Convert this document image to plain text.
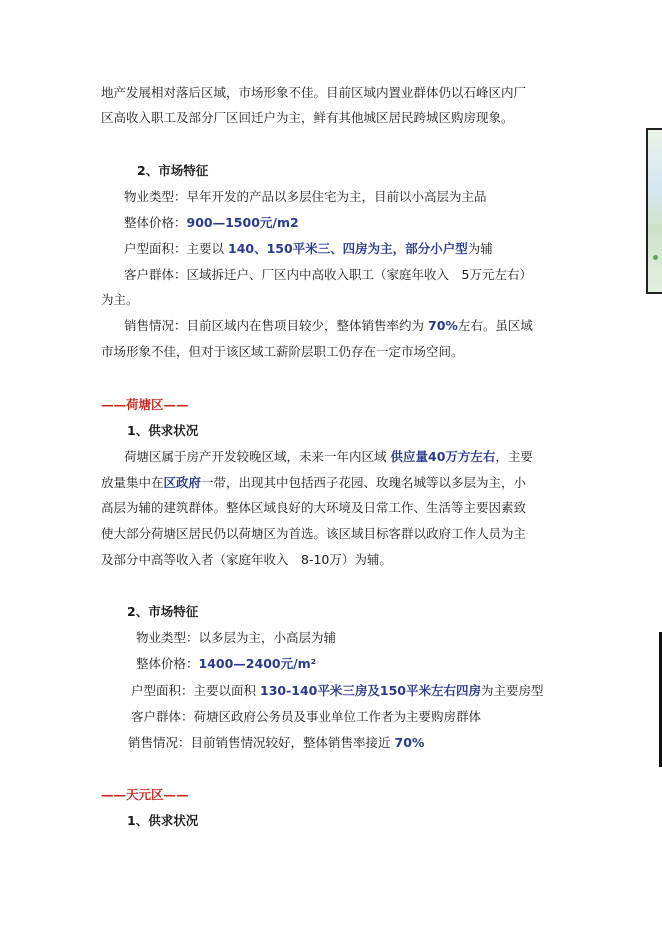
地产发展相对落后区域，市场形象不佳。目前区域内置业群体仍以石峰区内厂
区高收入职工及部分厂区回迁户为主，鲜有其他城区居民跨城区购房现象。
2、市场特征
物业类型：早年开发的产品以多层住宅为主，目前以小高层为主品
整体价格：900—1500元/m2
户型面积：主要以 140、150平米三、四房为主，部分小户型为辅
客户群体：区域拆迁户、厂区内中高收入职工（家庭年收入　5万元左右）
为主。
销售情况：目前区域内在售项目较少，整体销售率约为 70%左右。虽区域
市场形象不佳，但对于该区域工薪阶层职工仍存在一定市场空间。
——荷塘区——
1、供求状况
荷塘区属于房产开发较晚区域，未来一年内区域 供应量40万方左右，主要
放量集中在区政府一带，出现其中包括西子花园、玫瑰名城等以多层为主，小
高层为辅的建筑群体。整体区域良好的大环境及日常工作、生活等主要因素致
使大部分荷塘区居民仍以荷塘区为首选。该区域目标客群以政府工作人员为主
及部分中高等收入者（家庭年收入　8-10万）为辅。
2、市场特征
物业类型：以多层为主，小高层为辅
整体价格：1400—2400元/m²
户型面积：主要以面积 130-140平米三房及150平米左右四房为主要房型
客户群体：荷塘区政府公务员及事业单位工作者为主要购房群体
销售情况：目前销售情况较好，整体销售率接近 70%
——天元区——
1、供求状况
